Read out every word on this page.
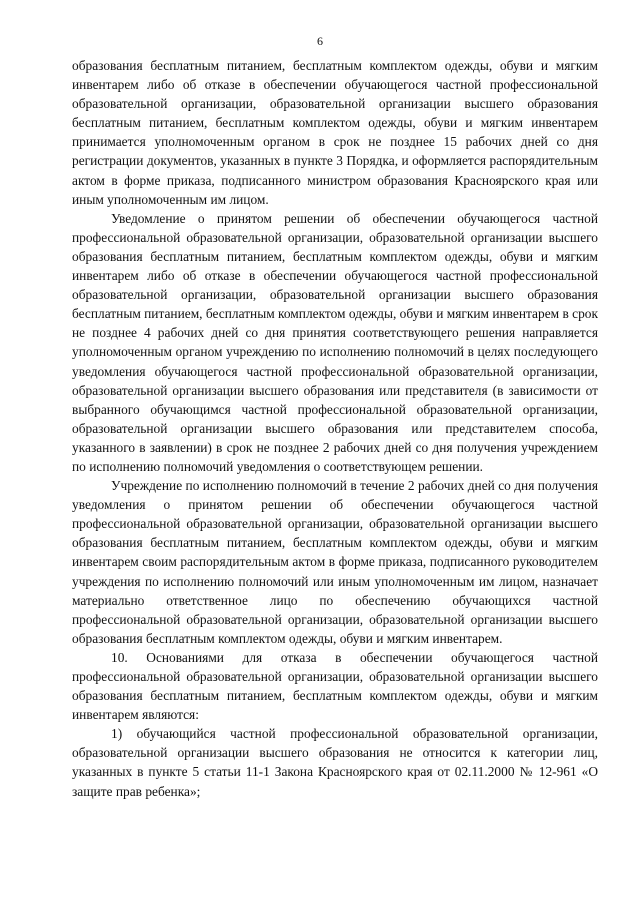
6

образования бесплатным питанием, бесплатным комплектом одежды, обуви и мягким инвентарем либо об отказе в обеспечении обучающегося частной профессиональной образовательной организации, образовательной организации высшего образования бесплатным питанием, бесплатным комплектом одежды, обуви и мягким инвентарем принимается уполномоченным органом в срок не позднее 15 рабочих дней со дня регистрации документов, указанных в пункте 3 Порядка, и оформляется распорядительным актом в форме приказа, подписанного министром образования Красноярского края или иным уполномоченным им лицом.

Уведомление о принятом решении об обеспечении обучающегося частной профессиональной образовательной организации, образовательной организации высшего образования бесплатным питанием, бесплатным комплектом одежды, обуви и мягким инвентарем либо об отказе в обеспечении обучающегося частной профессиональной образовательной организации, образовательной организации высшего образования бесплатным питанием, бесплатным комплектом одежды, обуви и мягким инвентарем в срок не позднее 4 рабочих дней со дня принятия соответствующего решения направляется уполномоченным органом учреждению по исполнению полномочий в целях последующего уведомления обучающегося частной профессиональной образовательной организации, образовательной организации высшего образования или представителя (в зависимости от выбранного обучающимся частной профессиональной образовательной организации, образовательной организации высшего образования или представителем способа, указанного в заявлении) в срок не позднее 2 рабочих дней со дня получения учреждением по исполнению полномочий уведомления о соответствующем решении.

Учреждение по исполнению полномочий в течение 2 рабочих дней со дня получения уведомления о принятом решении об обеспечении обучающегося частной профессиональной образовательной организации, образовательной организации высшего образования бесплатным питанием, бесплатным комплектом одежды, обуви и мягким инвентарем своим распорядительным актом в форме приказа, подписанного руководителем учреждения по исполнению полномочий или иным уполномоченным им лицом, назначает материально ответственное лицо по обеспечению обучающихся частной профессиональной образовательной организации, образовательной организации высшего образования бесплатным комплектом одежды, обуви и мягким инвентарем.

10. Основаниями для отказа в обеспечении обучающегося частной профессиональной образовательной организации, образовательной организации высшего образования бесплатным питанием, бесплатным комплектом одежды, обуви и мягким инвентарем являются:

1) обучающийся частной профессиональной образовательной организации, образовательной организации высшего образования не относится к категории лиц, указанных в пункте 5 статьи 11-1 Закона Красноярского края от 02.11.2000 № 12-961 «О защите прав ребенка»;
